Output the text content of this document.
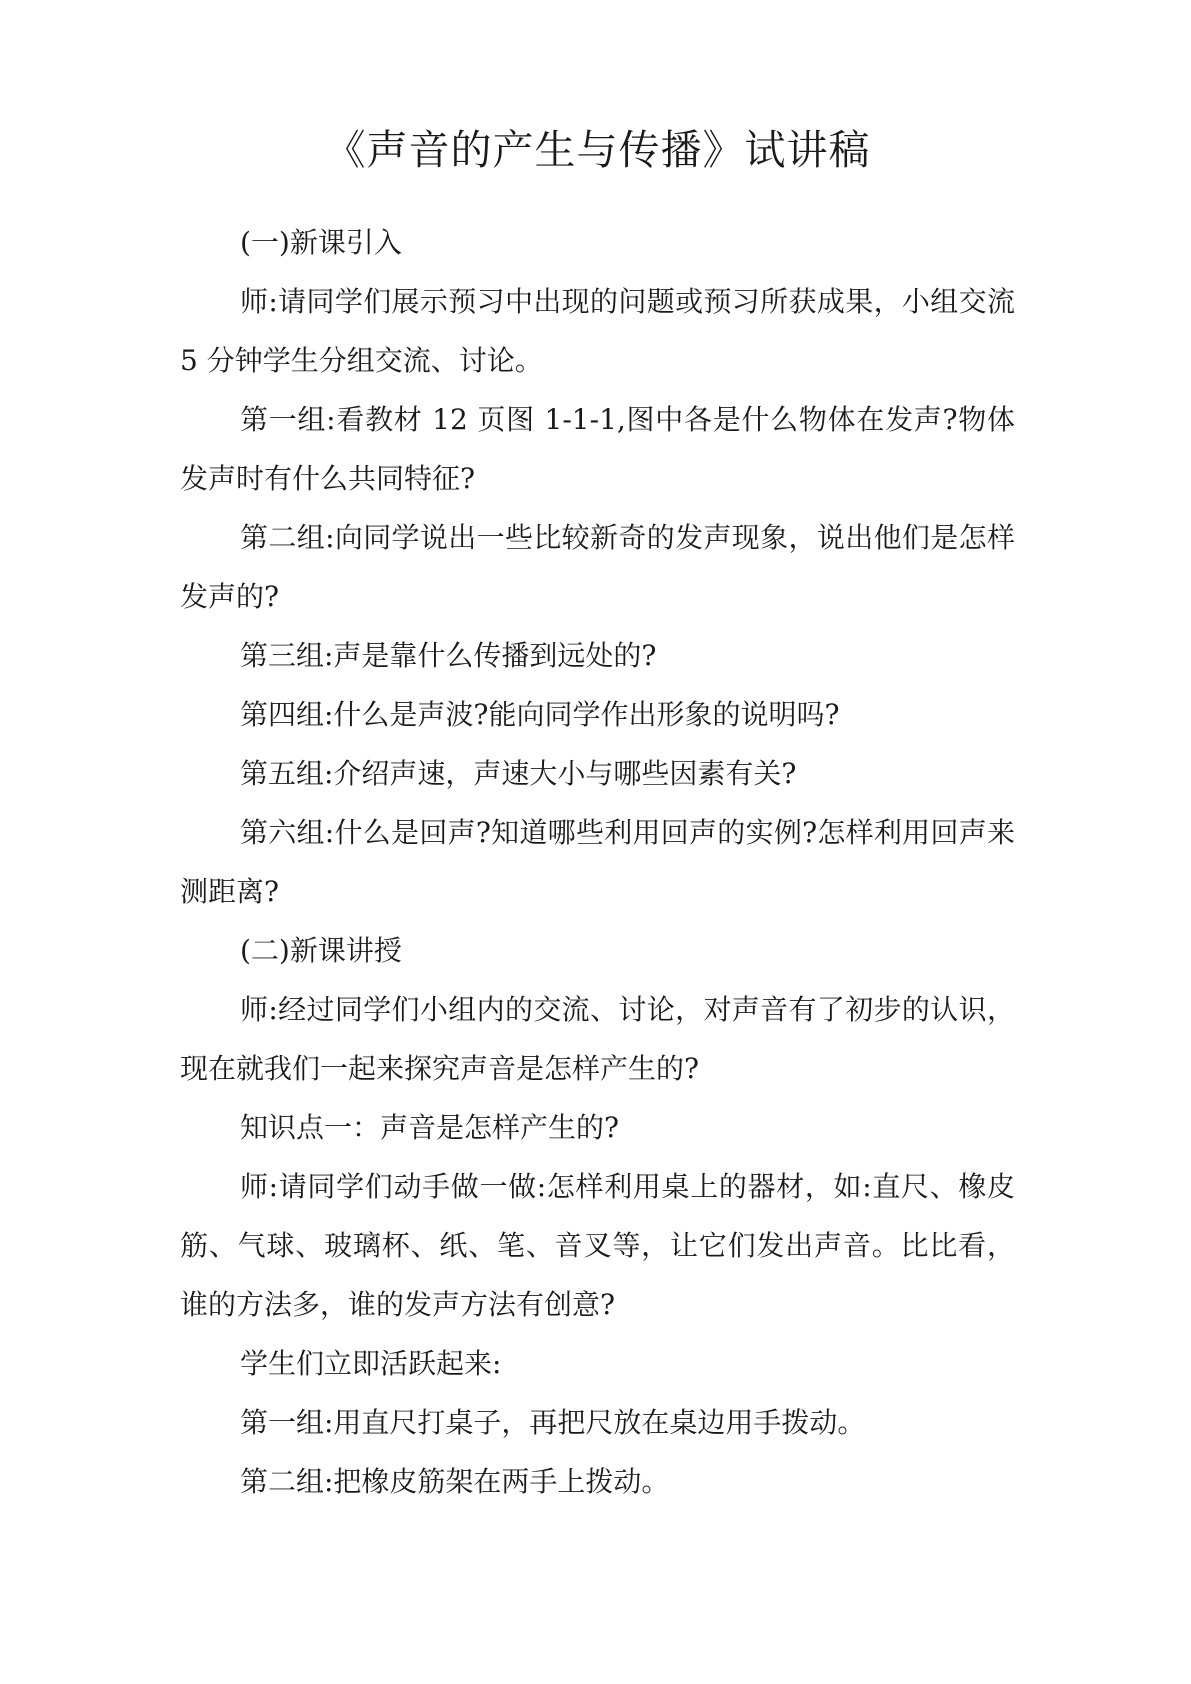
《声音的产生与传播》试讲稿

(一)新课引入

师:请同学们展示预习中出现的问题或预习所获成果，小组交流 5 分钟学生分组交流、讨论。

第一组:看教材 12 页图 1-1-1,图中各是什么物体在发声?物体发声时有什么共同特征?

第二组:向同学说出一些比较新奇的发声现象，说出他们是怎样发声的?

第三组:声是靠什么传播到远处的?

第四组:什么是声波?能向同学作出形象的说明吗?

第五组:介绍声速，声速大小与哪些因素有关?

第六组:什么是回声?知道哪些利用回声的实例?怎样利用回声来测距离?

(二)新课讲授

师:经过同学们小组内的交流、讨论，对声音有了初步的认识，现在就我们一起来探究声音是怎样产生的?

知识点一：声音是怎样产生的?

师:请同学们动手做一做:怎样利用桌上的器材，如:直尺、橡皮筋、气球、玻璃杯、纸、笔、音叉等，让它们发出声音。比比看，谁的方法多，谁的发声方法有创意?

学生们立即活跃起来:

第一组:用直尺打桌子，再把尺放在桌边用手拨动。

第二组:把橡皮筋架在两手上拨动。
